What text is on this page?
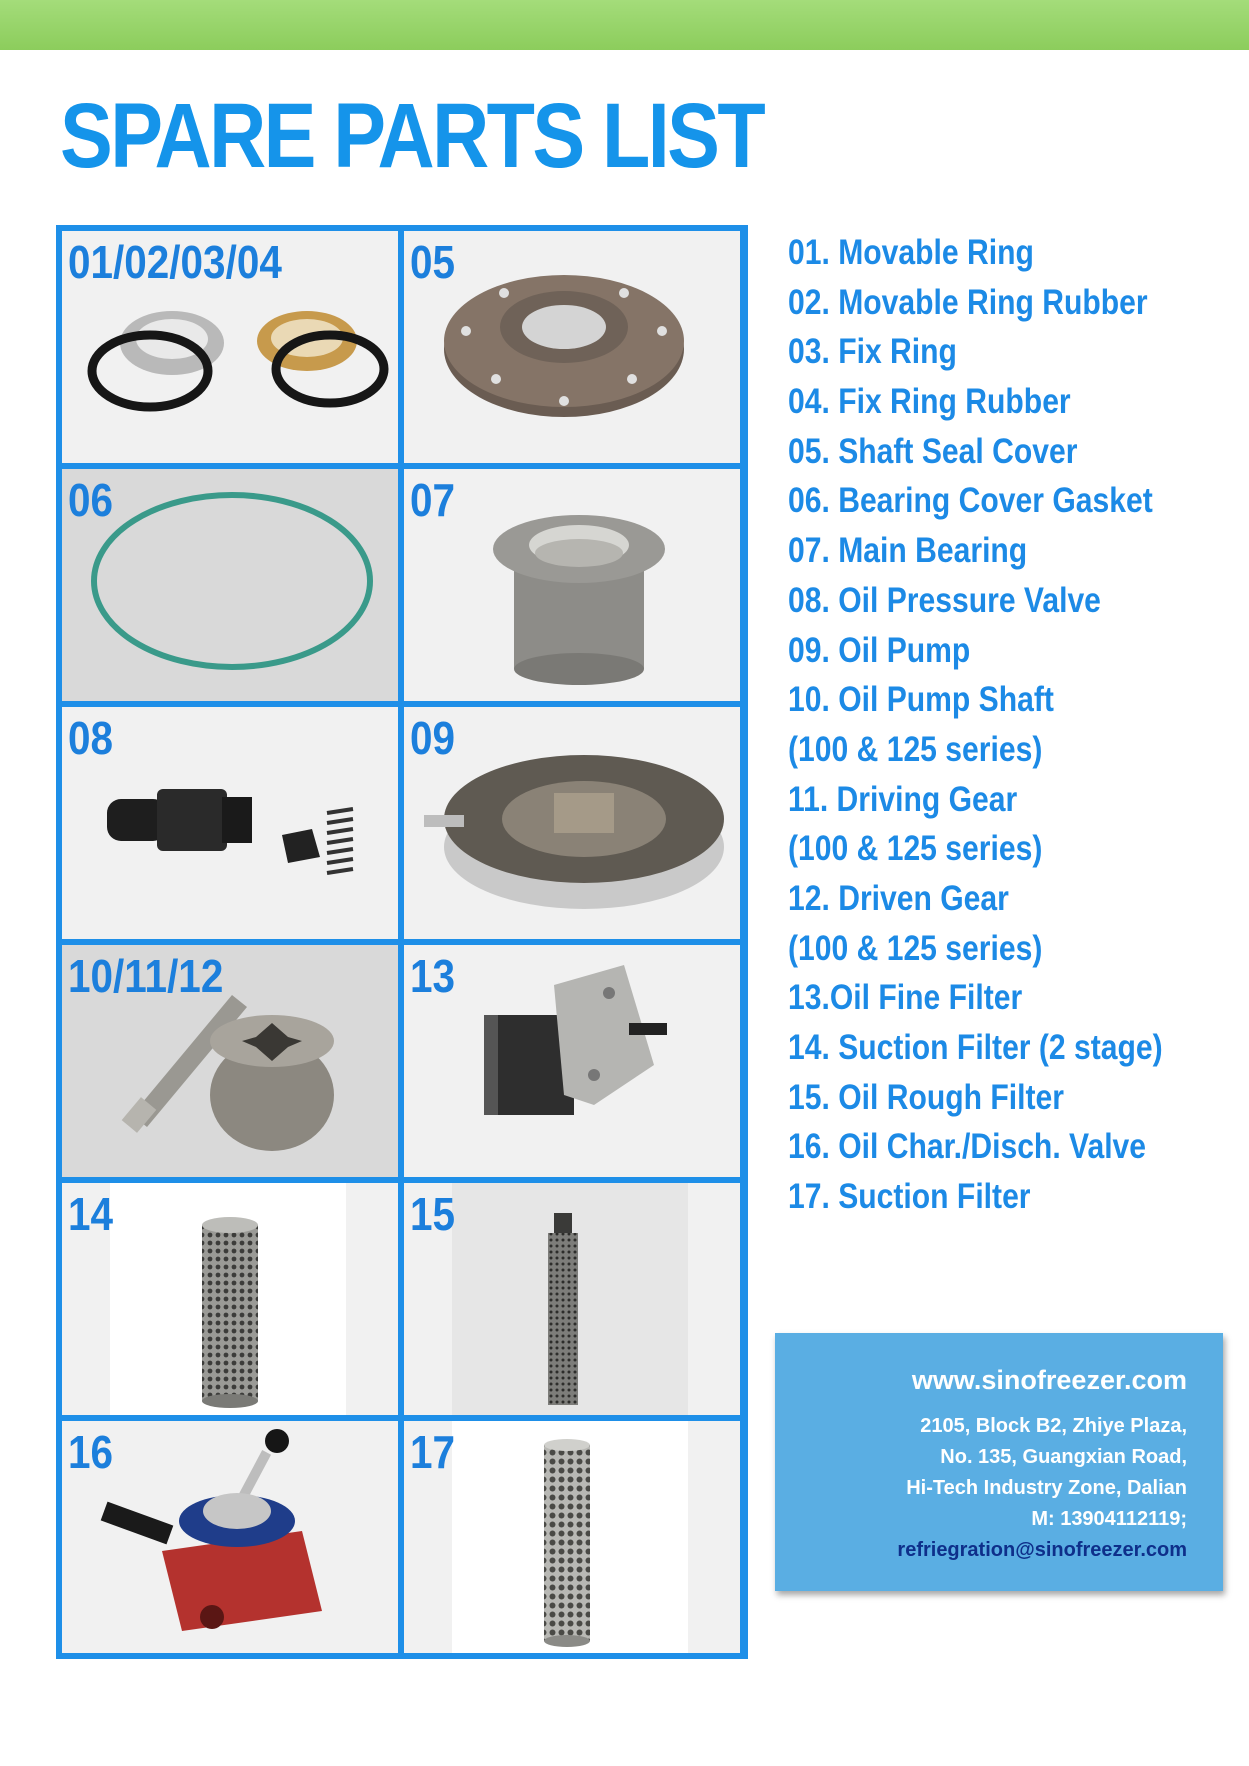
SPARE PARTS LIST
01/02/03/04	05
06	07
08	09
10/11/12	13
14	15
16	17
01. Movable Ring
02. Movable Ring Rubber
03. Fix Ring
04. Fix Ring Rubber
05. Shaft Seal Cover
06. Bearing Cover Gasket
07. Main Bearing
08. Oil Pressure Valve
09. Oil Pump
10. Oil Pump Shaft
(100 & 125 series)
11. Driving Gear
(100 & 125 series)
12. Driven Gear
(100 & 125 series)
13.Oil Fine Filter
14. Suction Filter (2 stage)
15. Oil Rough Filter
16. Oil Char./Disch. Valve
17. Suction Filter
www.sinofreezer.com
2105, Block B2, Zhiye Plaza,
No. 135, Guangxian Road,
Hi-Tech Industry Zone, Dalian
M: 13904112119;
refriegration@sinofreezer.com
